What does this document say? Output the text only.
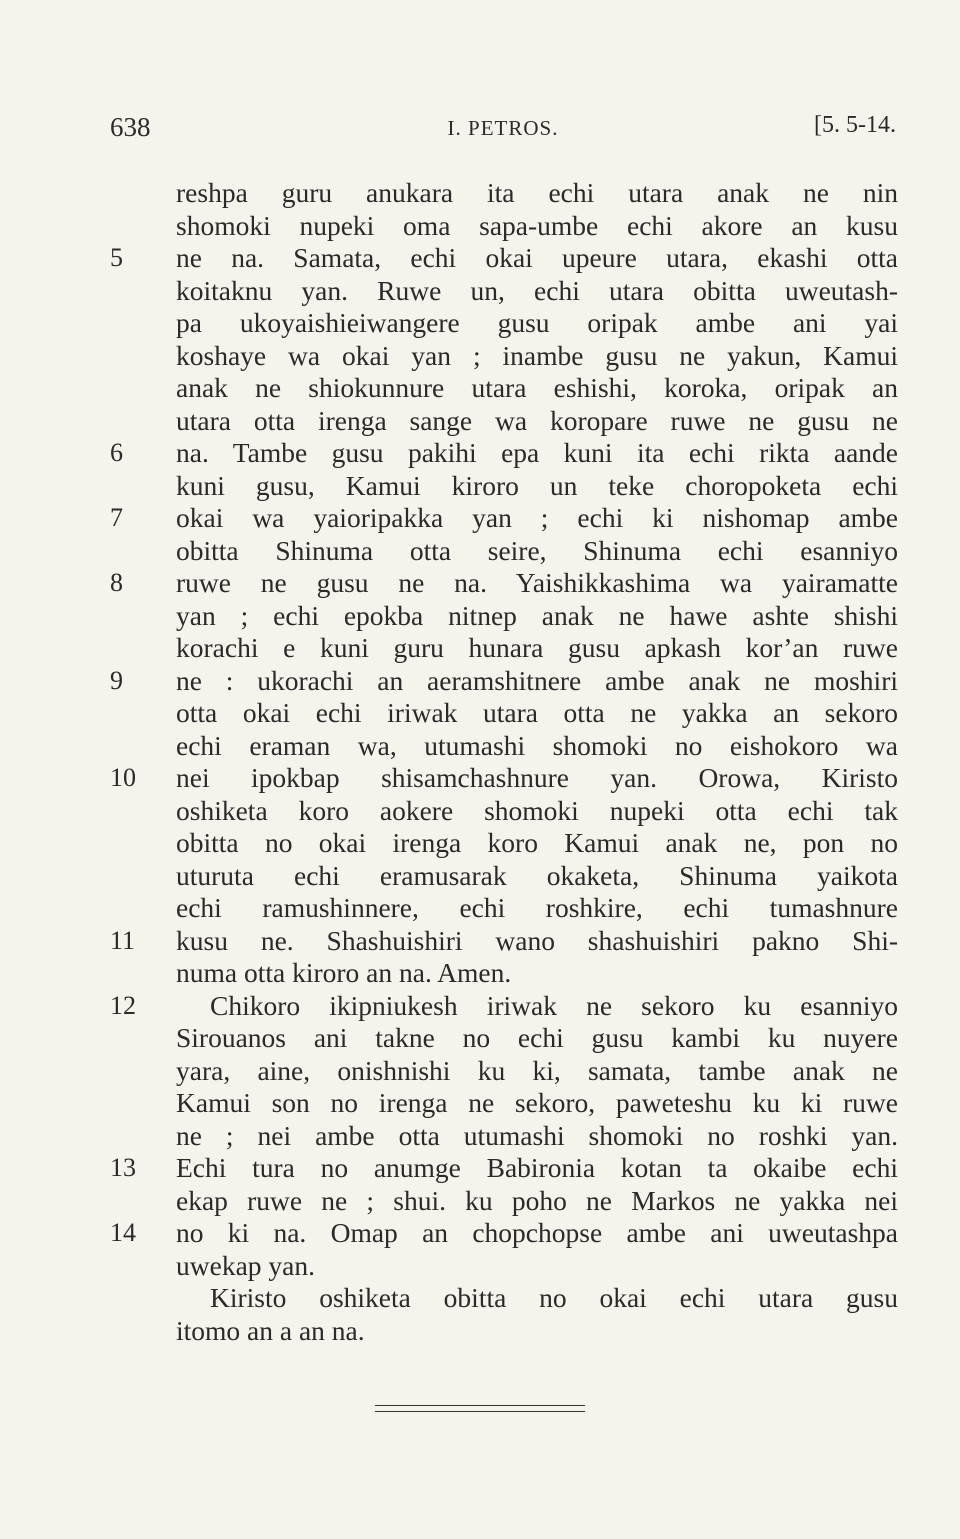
638	I. PETROS.	[5. 5-14.
reshpa guru anukara ita echi utara anak ne nin
shomoki nupeki oma sapa-umbe echi akore an kusu
5	ne na. Samata, echi okai upeure utara, ekashi otta
koitaknu yan. Ruwe un, echi utara obitta uweutash-
pa ukoyaishieiwangere gusu oripak ambe ani yai
koshaye wa okai yan ; inambe gusu ne yakun, Kamui
anak ne shiokunnure utara eshishi, koroka, oripak an
utara otta irenga sange wa koropare ruwe ne gusu ne
6	na. Tambe gusu pakihi epa kuni ita echi rikta aande
kuni gusu, Kamui kiroro un teke choropoketa echi
7	okai wa yaioripakka yan ; echi ki nishomap ambe
obitta Shinuma otta seire, Shinuma echi esanniyo
8	ruwe ne gusu ne na. Yaishikkashima wa yairamatte
yan ; echi epokba nitnep anak ne hawe ashte shishi
korachi e kuni guru hunara gusu apkash kor’an ruwe
9	ne : ukorachi an aeramshitnere ambe anak ne moshiri
otta okai echi iriwak utara otta ne yakka an sekoro
echi eraman wa, utumashi shomoki no eishokoro wa
10	nei ipokbap shisamchashnure yan. Orowa, Kiristo
oshiketa koro aokere shomoki nupeki otta echi tak
obitta no okai irenga koro Kamui anak ne, pon no
uturuta echi eramusarak okaketa, Shinuma yaikota
echi ramushinnere, echi roshkire, echi tumashnure
11	kusu ne. Shashuishiri wano shashuishiri pakno Shi-
numa otta kiroro an na. Amen.
12	Chikoro ikipniukesh iriwak ne sekoro ku esanniyo
Sirouanos ani takne no echi gusu kambi ku nuyere
yara, aine, onishnishi ku ki, samata, tambe anak ne
Kamui son no irenga ne sekoro, paweteshu ku ki ruwe
ne ; nei ambe otta utumashi shomoki no roshki yan.
13	Echi tura no anumge Babironia kotan ta okaibe echi
ekap ruwe ne ; shui. ku poho ne Markos ne yakka nei
14	no ki na. Omap an chopchopse ambe ani uweutashpa
uwekap yan.
Kiristo oshiketa obitta no okai echi utara gusu
itomo an a an na.
